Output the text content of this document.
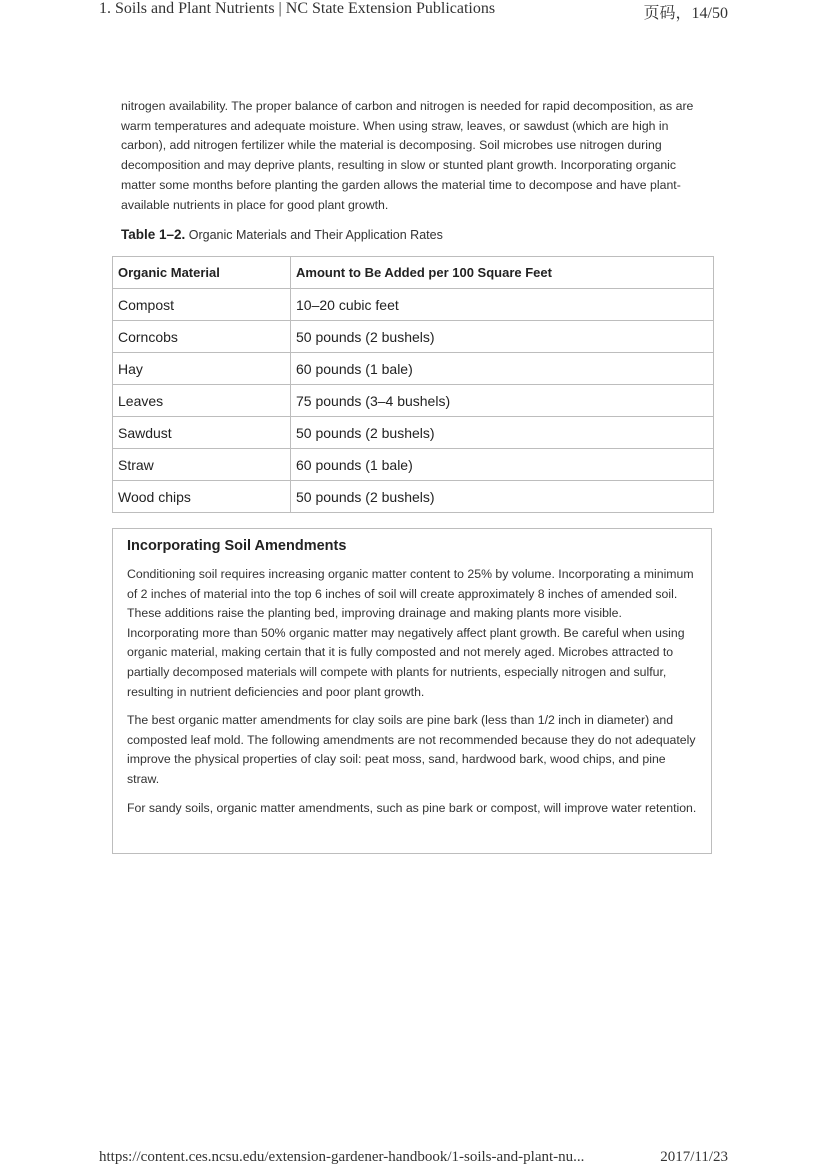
1. Soils and Plant Nutrients | NC State Extension Publications	页码，14/50

nitrogen availability. The proper balance of carbon and nitrogen is needed for rapid decomposition, as are warm temperatures and adequate moisture. When using straw, leaves, or sawdust (which are high in carbon), add nitrogen fertilizer while the material is decomposing. Soil microbes use nitrogen during decomposition and may deprive plants, resulting in slow or stunted plant growth. Incorporating organic matter some months before planting the garden allows the material time to decompose and have plant-available nutrients in place for good plant growth.

Table 1–2. Organic Materials and Their Application Rates

Organic Material	Amount to Be Added per 100 Square Feet
Compost	10–20 cubic feet
Corncobs	50 pounds (2 bushels)
Hay	60 pounds (1 bale)
Leaves	75 pounds (3–4 bushels)
Sawdust	50 pounds (2 bushels)
Straw	60 pounds (1 bale)
Wood chips	50 pounds (2 bushels)
Incorporating Soil Amendments

Conditioning soil requires increasing organic matter content to 25% by volume. Incorporating a minimum of 2 inches of material into the top 6 inches of soil will create approximately 8 inches of amended soil. These additions raise the planting bed, improving drainage and making plants more visible. Incorporating more than 50% organic matter may negatively affect plant growth. Be careful when using organic material, making certain that it is fully composted and not merely aged. Microbes attracted to partially decomposed materials will compete with plants for nutrients, especially nitrogen and sulfur, resulting in nutrient deficiencies and poor plant growth.

The best organic matter amendments for clay soils are pine bark (less than 1/2 inch in diameter) and composted leaf mold. The following amendments are not recommended because they do not adequately improve the physical properties of clay soil: peat moss, sand, hardwood bark, wood chips, and pine straw.

For sandy soils, organic matter amendments, such as pine bark or compost, will improve water retention.

https://content.ces.ncsu.edu/extension-gardener-handbook/1-soils-and-plant-nu...	2017/11/23
